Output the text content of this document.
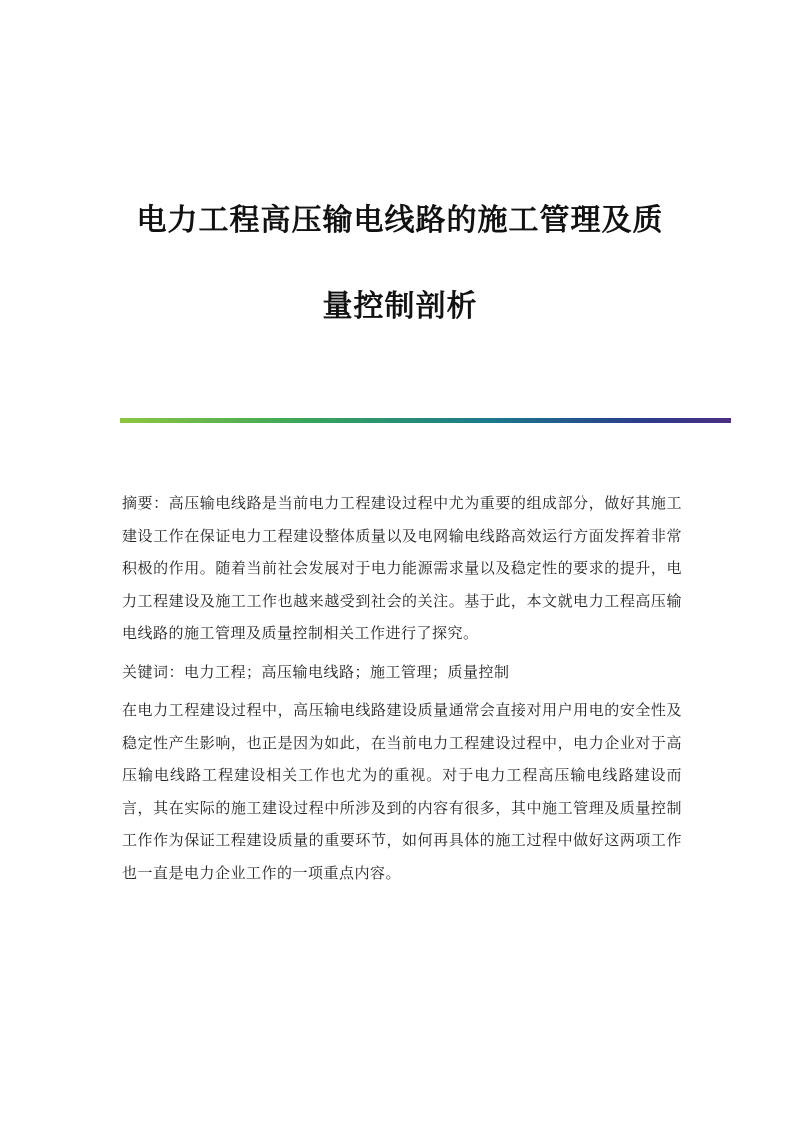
电力工程高压输电线路的施工管理及质
量控制剖析

摘要：高压输电线路是当前电力工程建设过程中尤为重要的组成部分，做好其施工建设工作在保证电力工程建设整体质量以及电网输电线路高效运行方面发挥着非常积极的作用。随着当前社会发展对于电力能源需求量以及稳定性的要求的提升，电力工程建设及施工工作也越来越受到社会的关注。基于此，本文就电力工程高压输电线路的施工管理及质量控制相关工作进行了探究。

关键词：电力工程；高压输电线路；施工管理；质量控制

在电力工程建设过程中，高压输电线路建设质量通常会直接对用户用电的安全性及稳定性产生影响，也正是因为如此，在当前电力工程建设过程中，电力企业对于高压输电线路工程建设相关工作也尤为的重视。对于电力工程高压输电线路建设而言，其在实际的施工建设过程中所涉及到的内容有很多，其中施工管理及质量控制工作作为保证工程建设质量的重要环节，如何再具体的施工过程中做好这两项工作也一直是电力企业工作的一项重点内容。
